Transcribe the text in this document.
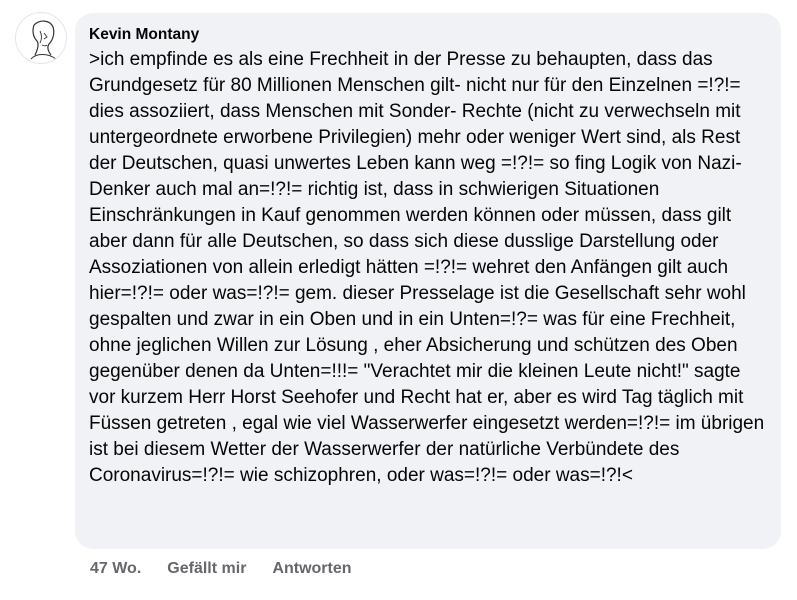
Kevin Montany
>ich empfinde es als eine Frechheit in der Presse zu behaupten, dass das Grundgesetz für 80 Millionen Menschen gilt- nicht nur für den Einzelnen =!?!= dies assoziiert, dass Menschen mit Sonder- Rechte (nicht zu verwechseln mit untergeordnete erworbene Privilegien) mehr oder weniger Wert sind, als Rest der Deutschen, quasi unwertes Leben kann weg =!?!= so fing Logik von Nazi-Denker auch mal an=!?!= richtig ist, dass in schwierigen Situationen Einschränkungen in Kauf genommen werden können oder müssen, dass gilt aber dann für alle Deutschen, so dass sich diese dusslige Darstellung oder Assoziationen von allein erledigt hätten =!?!= wehret den Anfängen gilt auch hier=!?!= oder was=!?!= gem. dieser Presselage ist die Gesellschaft sehr wohl gespalten und zwar in ein Oben und in ein Unten=!?= was für eine Frechheit, ohne jeglichen Willen zur Lösung , eher Absicherung und schützen des Oben gegenüber denen da Unten=!!!= "Verachtet mir die kleinen Leute nicht!" sagte vor kurzem Herr Horst Seehofer und Recht hat er, aber es wird Tag täglich mit Füssen getreten , egal wie viel Wasserwerfer eingesetzt werden=!?!= im übrigen ist bei diesem Wetter der Wasserwerfer der natürliche Verbündete des Coronavirus=!?!= wie schizophren, oder was=!?!= oder was=!?!<
47 Wo. Gefällt mir Antworten
